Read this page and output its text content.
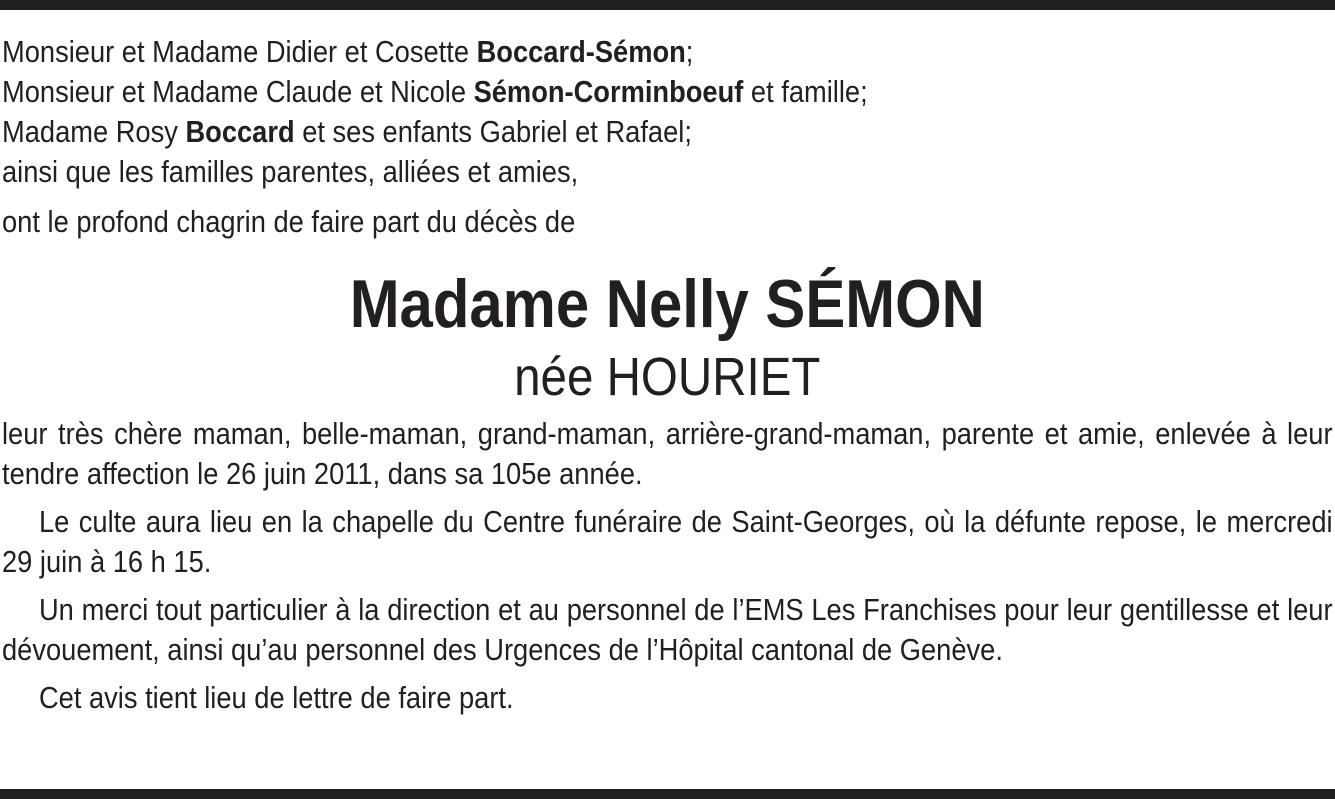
Monsieur et Madame Didier et Cosette Boccard-Sémon;
Monsieur et Madame Claude et Nicole Sémon-Corminboeuf et famille;
Madame Rosy Boccard et ses enfants Gabriel et Rafael;
ainsi que les familles parentes, alliées et amies,
ont le profond chagrin de faire part du décès de
Madame Nelly SÉMON
née HOURIET
leur très chère maman, belle-maman, grand-maman, arrière-grand-maman, parente et amie, enlevée à leur tendre affection le 26 juin 2011, dans sa 105e année.
Le culte aura lieu en la chapelle du Centre funéraire de Saint-Georges, où la défunte repose, le mercredi 29 juin à 16 h 15.
Un merci tout particulier à la direction et au personnel de l’EMS Les Franchises pour leur gentillesse et leur dévouement, ainsi qu’au personnel des Urgences de l’Hôpital cantonal de Genève.
Cet avis tient lieu de lettre de faire part.
